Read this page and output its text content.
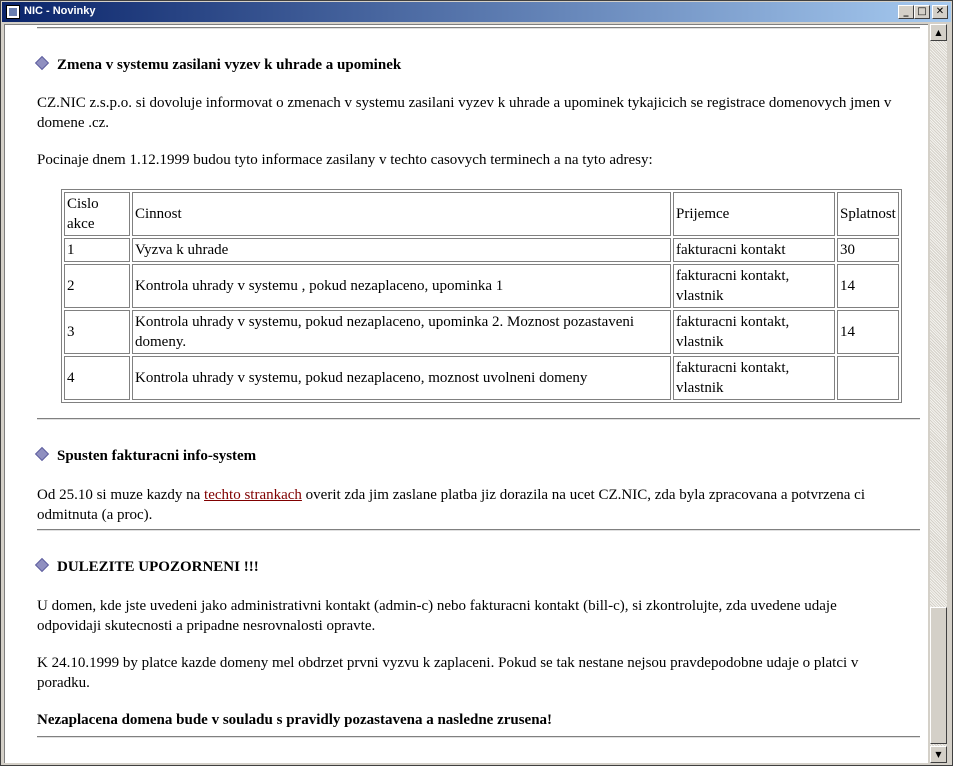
NIC - Novinky	_ □ ✕
Zmena v systemu zasilani vyzev k uhrade a upominek
CZ.NIC z.s.p.o. si dovoluje informovat o zmenach v systemu zasilani vyzev k uhrade a upominek tykajicich se registrace domenovych jmen v domene .cz.
Pocinaje dnem 1.12.1999 budou tyto informace zasilany v techto casovych terminech a na tyto adresy:
Cislo akce	Cinnost	Prijemce	Splatnost
1	Vyzva k uhrade	fakturacni kontakt	30
2	Kontrola uhrady v systemu , pokud nezaplaceno, upominka 1	fakturacni kontakt, vlastnik	14
3	Kontrola uhrady v systemu, pokud nezaplaceno, upominka 2. Moznost pozastaveni domeny.	fakturacni kontakt, vlastnik	14
4	Kontrola uhrady v systemu, pokud nezaplaceno, moznost uvolneni domeny	fakturacni kontakt, vlastnik	
Spusten fakturacni info-system
Od 25.10 si muze kazdy na techto strankach overit zda jim zaslane platba jiz dorazila na ucet CZ.NIC, zda byla zpracovana a potvrzena ci odmitnuta (a proc).
DULEZITE UPOZORNENI !!!
U domen, kde jste uvedeni jako administrativni kontakt (admin-c) nebo fakturacni kontakt (bill-c), si zkontrolujte, zda uvedene udaje odpovidaji skutecnosti a pripadne nesrovnalosti opravte.
K 24.10.1999 by platce kazde domeny mel obdrzet prvni vyzvu k zaplaceni. Pokud se tak nestane nejsou pravdepodobne udaje o platci v poradku.
Nezaplacena domena bude v souladu s pravidly pozastavena a nasledne zrusena!
▲
▼
